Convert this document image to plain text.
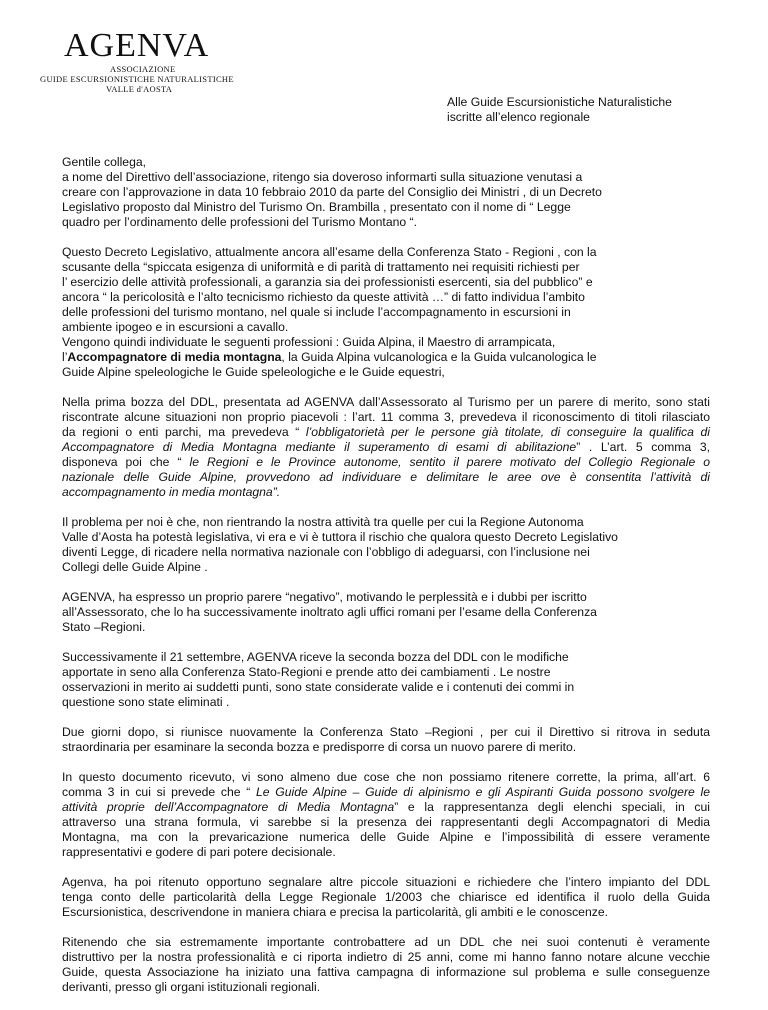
AGENVA
ASSOCIAZIONE
GUIDE ESCURSIONISTICHE NATURALISTICHE
VALLE d'AOSTA
Alle Guide Escursionistiche Naturalistiche
iscritte all’elenco regionale
Gentile collega,
a nome del Direttivo dell’associazione, ritengo sia doveroso informarti sulla situazione venutasi a
creare con l’approvazione in data 10 febbraio 2010 da parte del Consiglio dei Ministri , di un Decreto
Legislativo proposto dal Ministro del Turismo On. Brambilla , presentato con il nome di “ Legge
quadro per l’ordinamento delle professioni del Turismo Montano “.
Questo Decreto Legislativo, attualmente ancora all’esame della Conferenza Stato - Regioni , con la
scusante della “spiccata esigenza di uniformità e di parità di trattamento nei requisiti richiesti per
l’ esercizio delle attività professionali, a garanzia sia dei professionisti esercenti, sia del pubblico” e
ancora “ la pericolosità e l’alto tecnicismo richiesto da queste attività …” di fatto individua l’ambito
delle professioni del turismo montano, nel quale si include l’accompagnamento in escursioni in
ambiente ipogeo e in escursioni a cavallo.
Vengono quindi individuate le seguenti professioni : Guida Alpina, il Maestro di arrampicata,
l’Accompagnatore di media montagna, la Guida Alpina vulcanologica e la Guida vulcanologica le
Guide Alpine speleologiche le Guide speleologiche e le Guide equestri,
Nella prima bozza del DDL, presentata ad AGENVA dall’Assessorato al Turismo per un parere di merito, sono stati
riscontrate alcune situazioni non proprio piacevoli : l’art. 11 comma 3, prevedeva il riconoscimento di titoli rilasciato
da regioni o enti parchi, ma prevedeva “ l’obbligatorietà per le persone già titolate, di conseguire la qualifica di
Accompagnatore di Media Montagna mediante il superamento di esami di abilitazione” . L’art. 5 comma 3,
disponeva poi che “ le Regioni e le Province autonome, sentito il parere motivato del Collegio Regionale o
nazionale delle Guide Alpine, provvedono ad individuare e delimitare le aree ove è consentita l’attività di
accompagnamento in media montagna”.
Il problema per noi è che, non rientrando la nostra attività tra quelle per cui la Regione Autonoma
Valle d’Aosta ha potestà legislativa, vi era e vi è tuttora il rischio che qualora questo Decreto Legislativo
diventi Legge, di ricadere nella normativa nazionale con l’obbligo di adeguarsi, con l’inclusione nei
Collegi delle Guide Alpine .
AGENVA, ha espresso un proprio parere “negativo”, motivando le perplessità e i dubbi per iscritto
all’Assessorato, che lo ha successivamente inoltrato agli uffici romani per l’esame della Conferenza
Stato –Regioni.
Successivamente il 21 settembre, AGENVA riceve la seconda bozza del DDL con le modifiche
apportate in seno alla Conferenza Stato-Regioni e prende atto dei cambiamenti . Le nostre
osservazioni in merito ai suddetti punti, sono state considerate valide e i contenuti dei commi in
questione sono state eliminati .
Due giorni dopo, si riunisce nuovamente la Conferenza Stato –Regioni , per cui il Direttivo si ritrova in seduta
straordinaria per esaminare la seconda bozza e predisporre di corsa un nuovo parere di merito.
In questo documento ricevuto, vi sono almeno due cose che non possiamo ritenere corrette, la prima, all’art. 6
comma 3 in cui si prevede che “ Le Guide Alpine – Guide di alpinismo e gli Aspiranti Guida possono svolgere le
attività proprie dell’Accompagnatore di Media Montagna” e la rappresentanza degli elenchi speciali, in cui
attraverso una strana formula, vi sarebbe si la presenza dei rappresentanti degli Accompagnatori di Media
Montagna, ma con la prevaricazione numerica delle Guide Alpine e l’impossibilità di essere veramente
rappresentativi e godere di pari potere decisionale.
Agenva, ha poi ritenuto opportuno segnalare altre piccole situazioni e richiedere che l’intero impianto del DDL
tenga conto delle particolarità della Legge Regionale 1/2003 che chiarisce ed identifica il ruolo della Guida
Escursionistica, descrivendone in maniera chiara e precisa la particolarità, gli ambiti e le conoscenze.
Ritenendo che sia estremamente importante controbattere ad un DDL che nei suoi contenuti è veramente
distruttivo per la nostra professionalità e ci riporta indietro di 25 anni, come mi hanno fanno notare alcune vecchie
Guide, questa Associazione ha iniziato una fattiva campagna di informazione sul problema e sulle conseguenze
derivanti, presso gli organi istituzionali regionali.
